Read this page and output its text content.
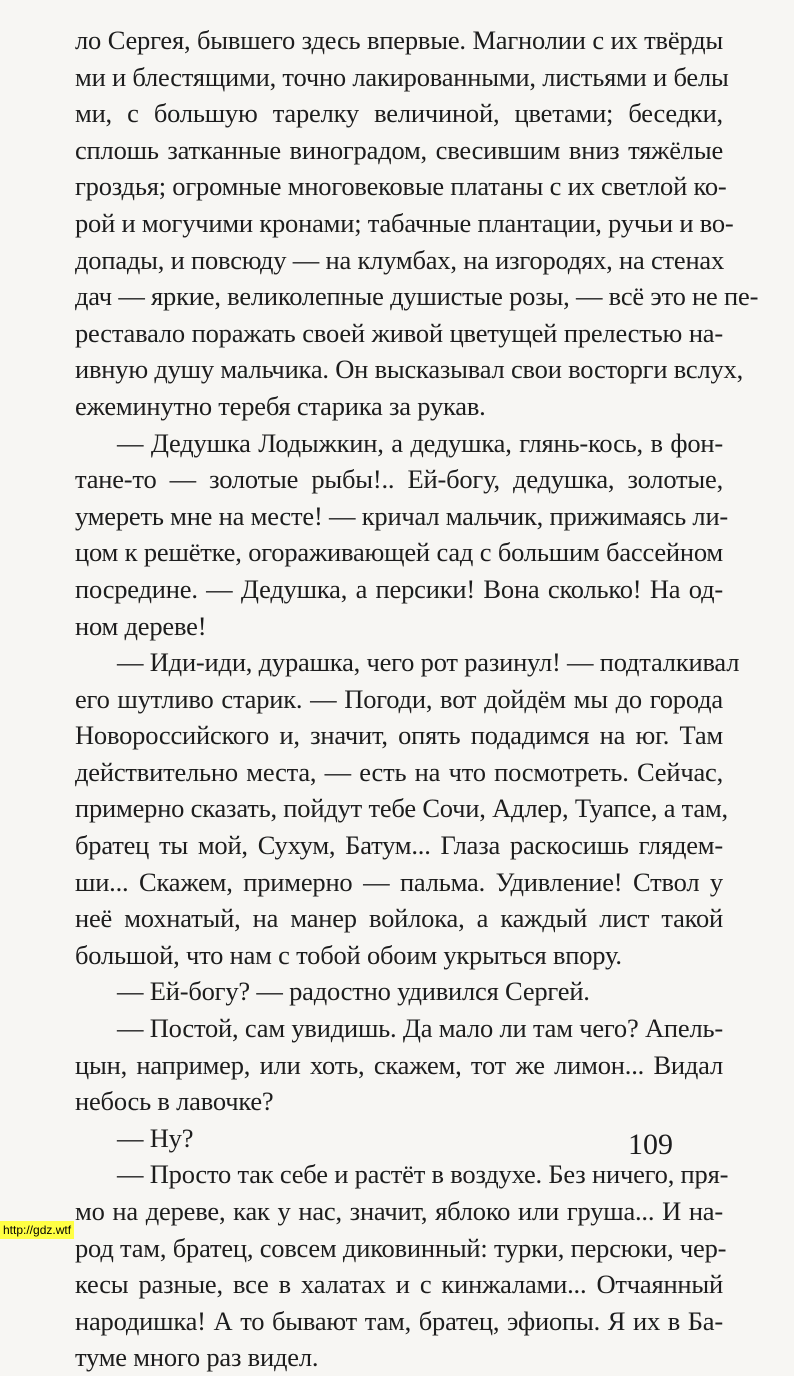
ло Сергея, бывшего здесь впервые. Магнолии с их твёрды
ми и блестящими, точно лакированными, листьями и белы
ми, с большую тарелку величиной, цветами; беседки,
сплошь затканные виноградом, свесившим вниз тяжёлые
гроздья; огромные многовековые платаны с их светлой ко-
рой и могучими кронами; табачные плантации, ручьи и во-
допады, и повсюду — на клумбах, на изгородях, на стенах
дач — яркие, великолепные душистые розы, — всё это не пе-
реставало поражать своей живой цветущей прелестью на-
ивную душу мальчика. Он высказывал свои восторги вслух,
ежеминутно теребя старика за рукав.
— Дедушка Лодыжкин, а дедушка, глянь-кось, в фон-
тане-то — золотые рыбы!.. Ей-богу, дедушка, золотые,
умереть мне на месте! — кричал мальчик, прижимаясь ли-
цом к решётке, огораживающей сад с большим бассейном
посредине. — Дедушка, а персики! Вона сколько! На од-
ном дереве!
— Иди-иди, дурашка, чего рот разинул! — подталкивал
его шутливо старик. — Погоди, вот дойдём мы до города
Новороссийского и, значит, опять подадимся на юг. Там
действительно места, — есть на что посмотреть. Сейчас,
примерно сказать, пойдут тебе Сочи, Адлер, Туапсе, а там,
братец ты мой, Сухум, Батум... Глаза раскосишь глядем-
ши... Скажем, примерно — пальма. Удивление! Ствол у
неё мохнатый, на манер войлока, а каждый лист такой
большой, что нам с тобой обоим укрыться впору.
— Ей-богу? — радостно удивился Сергей.
— Постой, сам увидишь. Да мало ли там чего? Апель-
цын, например, или хоть, скажем, тот же лимон... Видал
небось в лавочке?
— Ну?
— Просто так себе и растёт в воздухе. Без ничего, пря-
мо на дереве, как у нас, значит, яблоко или груша... И на-
род там, братец, совсем диковинный: турки, персюки, чер-
кесы разные, все в халатах и с кинжалами... Отчаянный
народишка! А то бывают там, братец, эфиопы. Я их в Ба-
туме много раз видел.
109
http://gdz.wtf
